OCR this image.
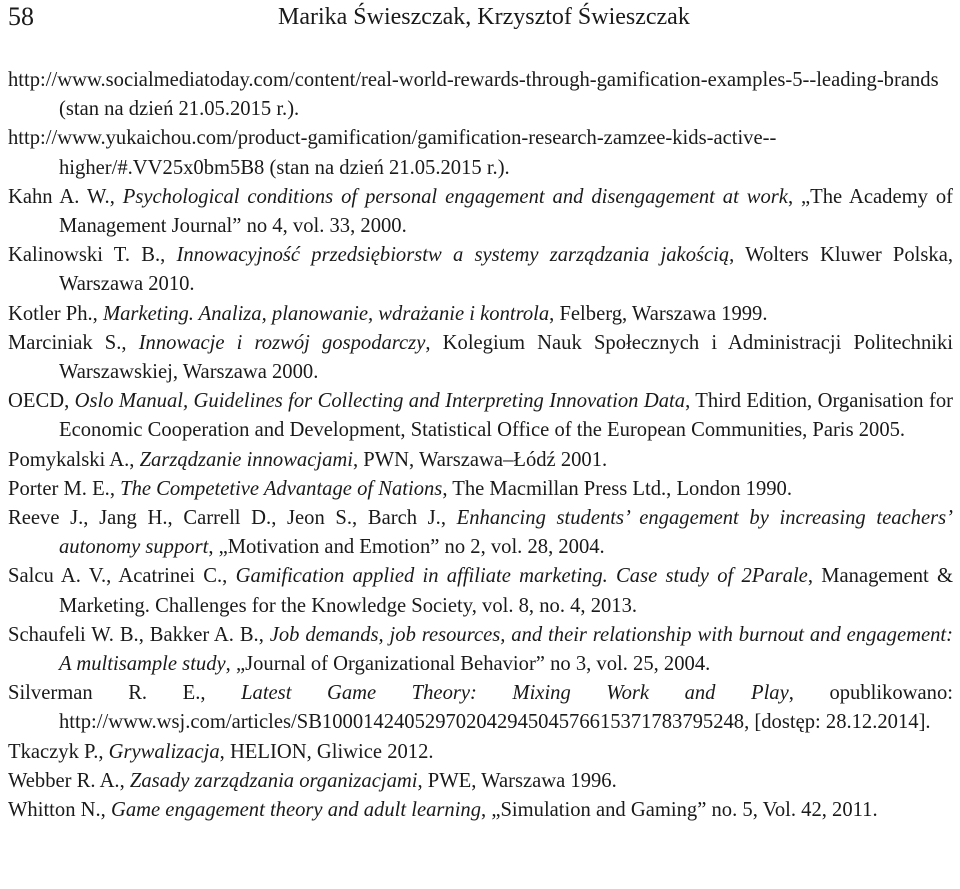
58	Marika Świeszczak, Krzysztof Świeszczak
http://www.socialmediatoday.com/content/real-world-rewards-through-gamification-examples-5--leading-brands (stan na dzień 21.05.2015 r.).
http://www.yukaichou.com/product-gamification/gamification-research-zamzee-kids-active--higher/#.VV25x0bm5B8 (stan na dzień 21.05.2015 r.).
Kahn A. W., Psychological conditions of personal engagement and disengagement at work, „The Academy of Management Journal” no 4, vol. 33, 2000.
Kalinowski T. B., Innowacyjność przedsiębiorstw a systemy zarządzania jakością, Wolters Kluwer Polska, Warszawa 2010.
Kotler Ph., Marketing. Analiza, planowanie, wdrażanie i kontrola, Felberg, Warszawa 1999.
Marciniak S., Innowacje i rozwój gospodarczy, Kolegium Nauk Społecznych i Administracji Politechniki Warszawskiej, Warszawa 2000.
OECD, Oslo Manual, Guidelines for Collecting and Interpreting Innovation Data, Third Edition, Organisation for Economic Cooperation and Development, Statistical Office of the European Communities, Paris 2005.
Pomykalski A., Zarządzanie innowacjami, PWN, Warszawa–Łódź 2001.
Porter M. E., The Competetive Advantage of Nations, The Macmillan Press Ltd., London 1990.
Reeve J., Jang H., Carrell D., Jeon S., Barch J., Enhancing students’ engagement by increasing teachers’ autonomy support, „Motivation and Emotion” no 2, vol. 28, 2004.
Salcu A. V., Acatrinei C., Gamification applied in affiliate marketing. Case study of 2Parale, Management & Marketing. Challenges for the Knowledge Society, vol. 8, no. 4, 2013.
Schaufeli W. B., Bakker A. B., Job demands, job resources, and their relationship with burnout and engagement: A multisample study, „Journal of Organizational Behavior” no 3, vol. 25, 2004.
Silverman R. E., Latest Game Theory: Mixing Work and Play, opublikowano: http://www.wsj.com/articles/SB10001424052970204294504576615371783795248, [dostęp: 28.12.2014].
Tkaczyk P., Grywalizacja, HELION, Gliwice 2012.
Webber R. A., Zasady zarządzania organizacjami, PWE, Warszawa 1996.
Whitton N., Game engagement theory and adult learning, „Simulation and Gaming” no. 5, Vol. 42, 2011.
